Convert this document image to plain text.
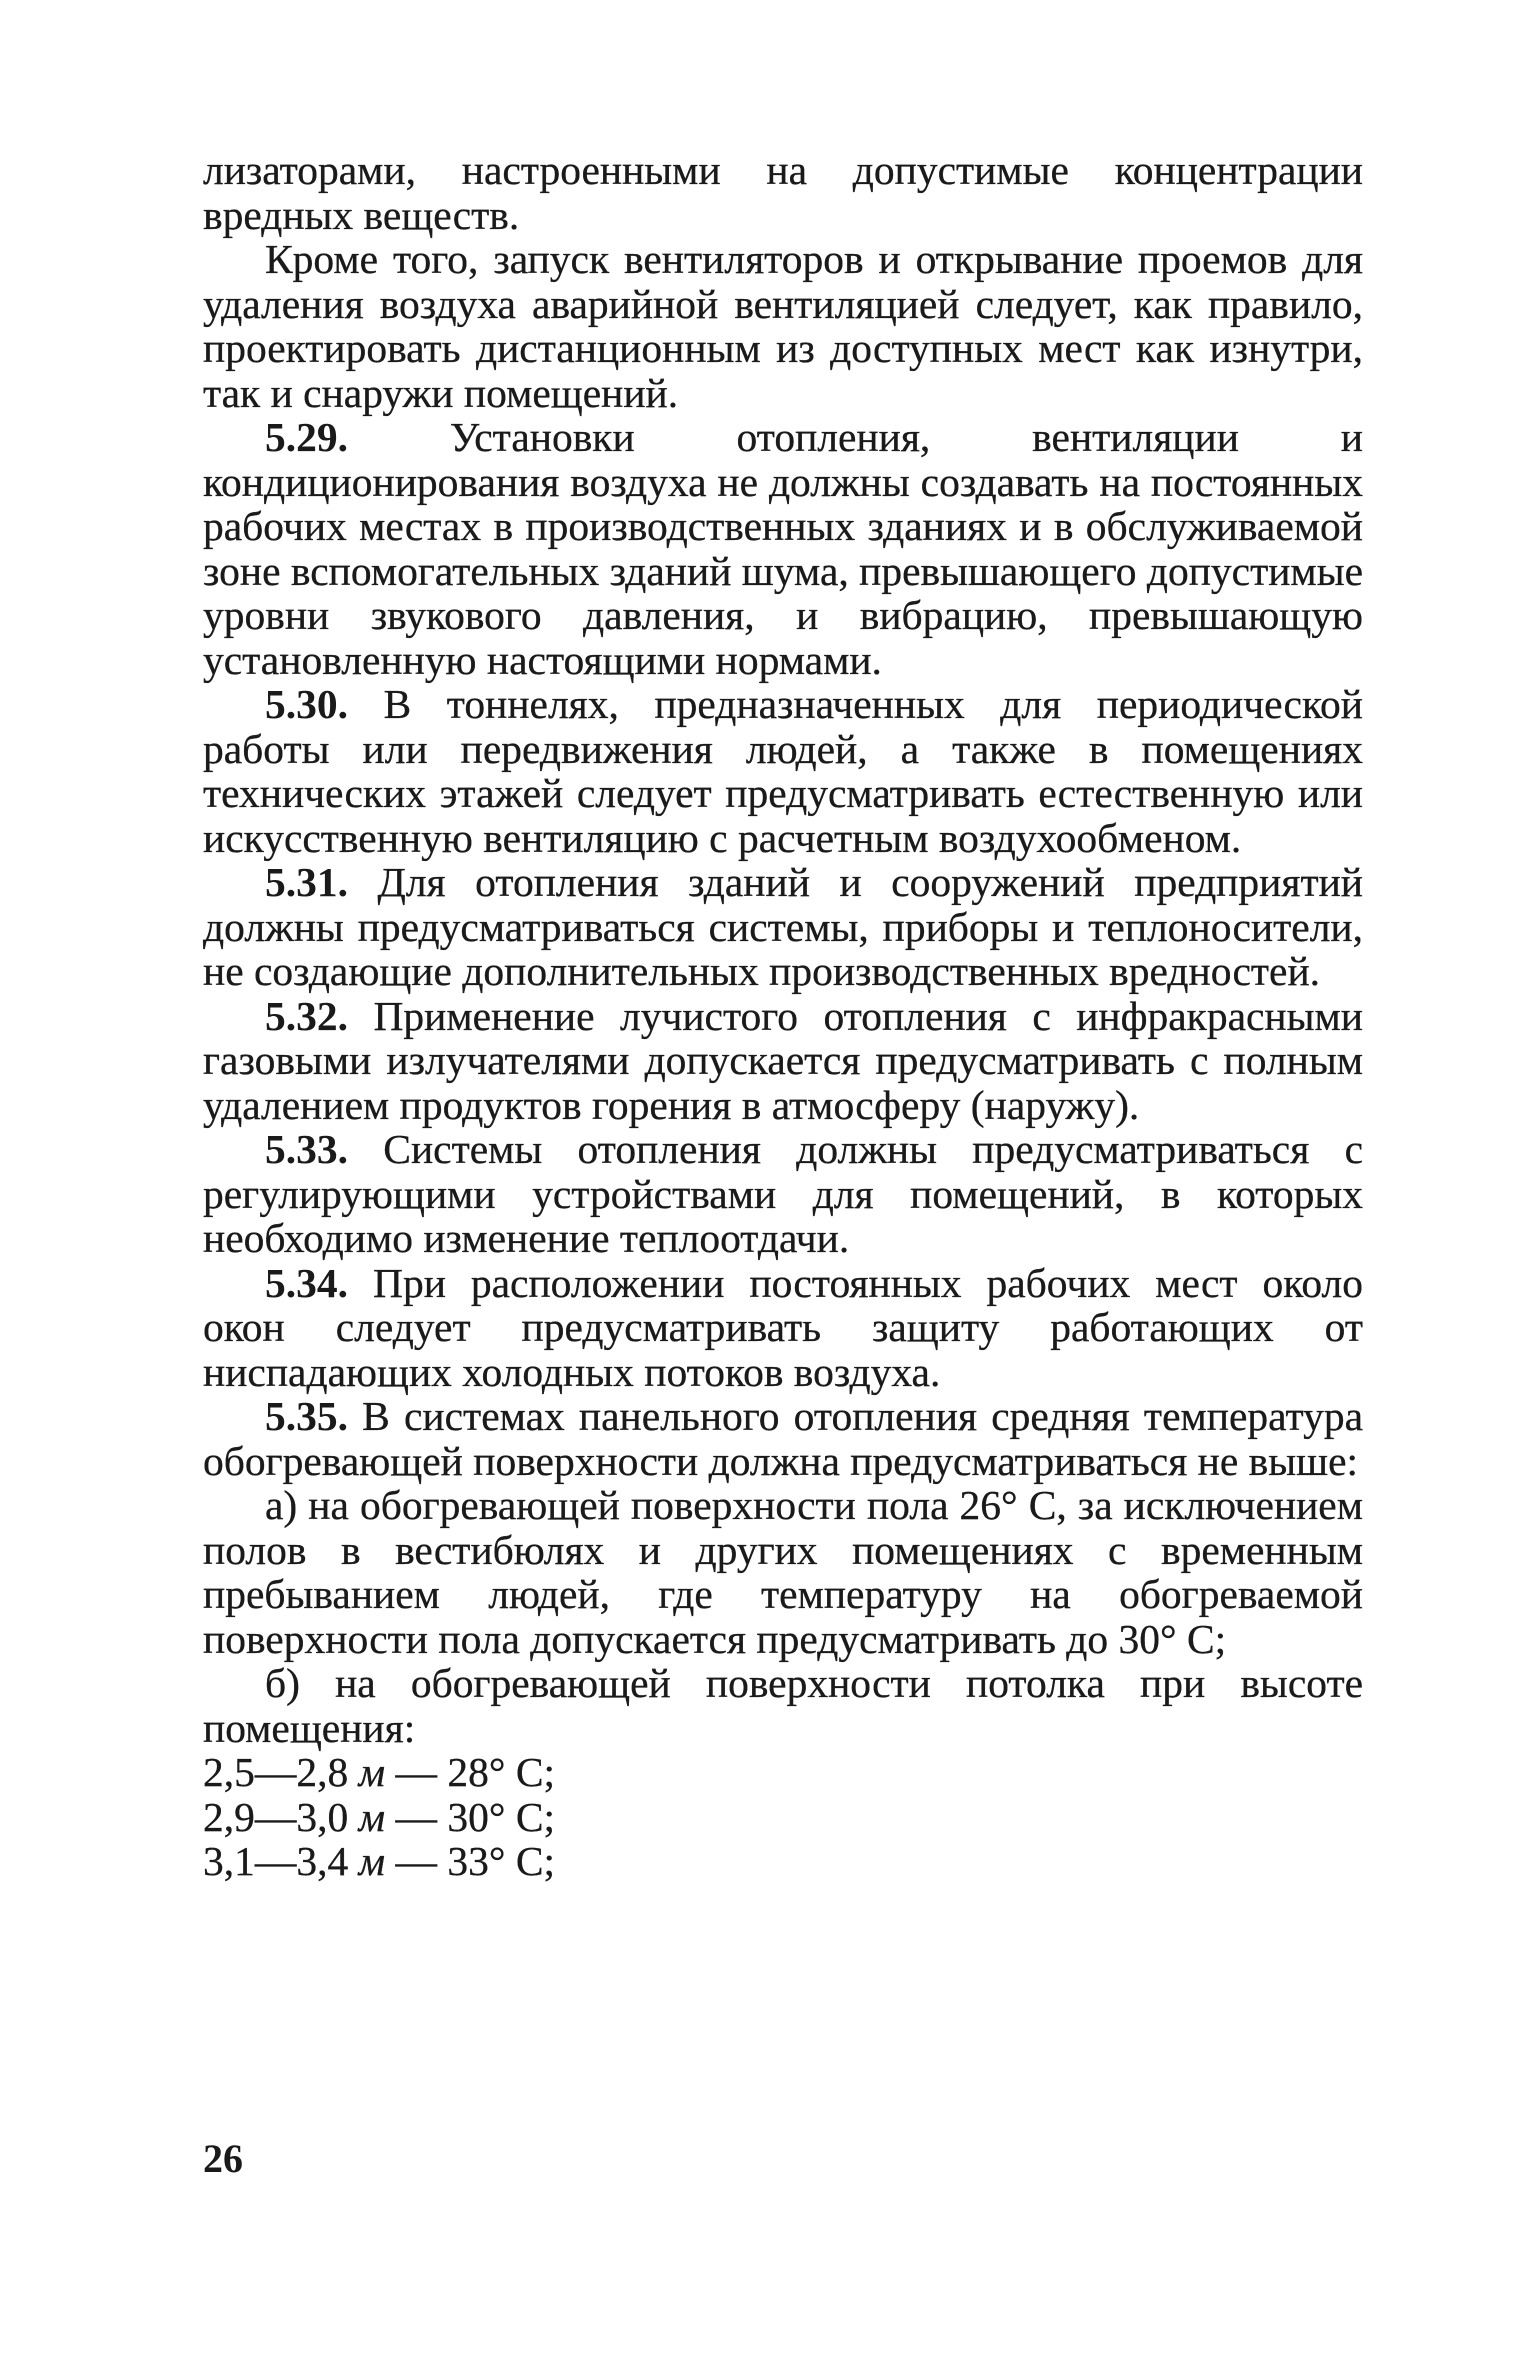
лизаторами, настроенными на допустимые концентрации вредных веществ.

Кроме того, запуск вентиляторов и открывание проемов для удаления воздуха аварийной вентиляцией следует, как правило, проектировать дистанционным из доступных мест как изнутри, так и снаружи помещений.

5.29. Установки отопления, вентиляции и кондиционирования воздуха не должны создавать на постоянных рабочих местах в производственных зданиях и в обслуживаемой зоне вспомогательных зданий шума, превышающего допустимые уровни звукового давления, и вибрацию, превышающую установленную настоящими нормами.

5.30. В тоннелях, предназначенных для периодической работы или передвижения людей, а также в помещениях технических этажей следует предусматривать естественную или искусственную вентиляцию с расчетным воздухообменом.

5.31. Для отопления зданий и сооружений предприятий должны предусматриваться системы, приборы и теплоносители, не создающие дополнительных производственных вредностей.

5.32. Применение лучистого отопления с инфракрасными газовыми излучателями допускается предусматривать с полным удалением продуктов горения в атмосферу (наружу).

5.33. Системы отопления должны предусматриваться с регулирующими устройствами для помещений, в которых необходимо изменение теплоотдачи.

5.34. При расположении постоянных рабочих мест около окон следует предусматривать защиту работающих от ниспадающих холодных потоков воздуха.

5.35. В системах панельного отопления средняя температура обогревающей поверхности должна предусматриваться не выше:

а) на обогревающей поверхности пола 26° С, за исключением полов в вестибюлях и других помещениях с временным пребыванием людей, где температуру на обогреваемой поверхности пола допускается предусматривать до 30° С;

б) на обогревающей поверхности потолка при высоте помещения:

2,5—2,8 м — 28° С;

2,9—3,0 м — 30° С;

3,1—3,4 м — 33° С;

26
